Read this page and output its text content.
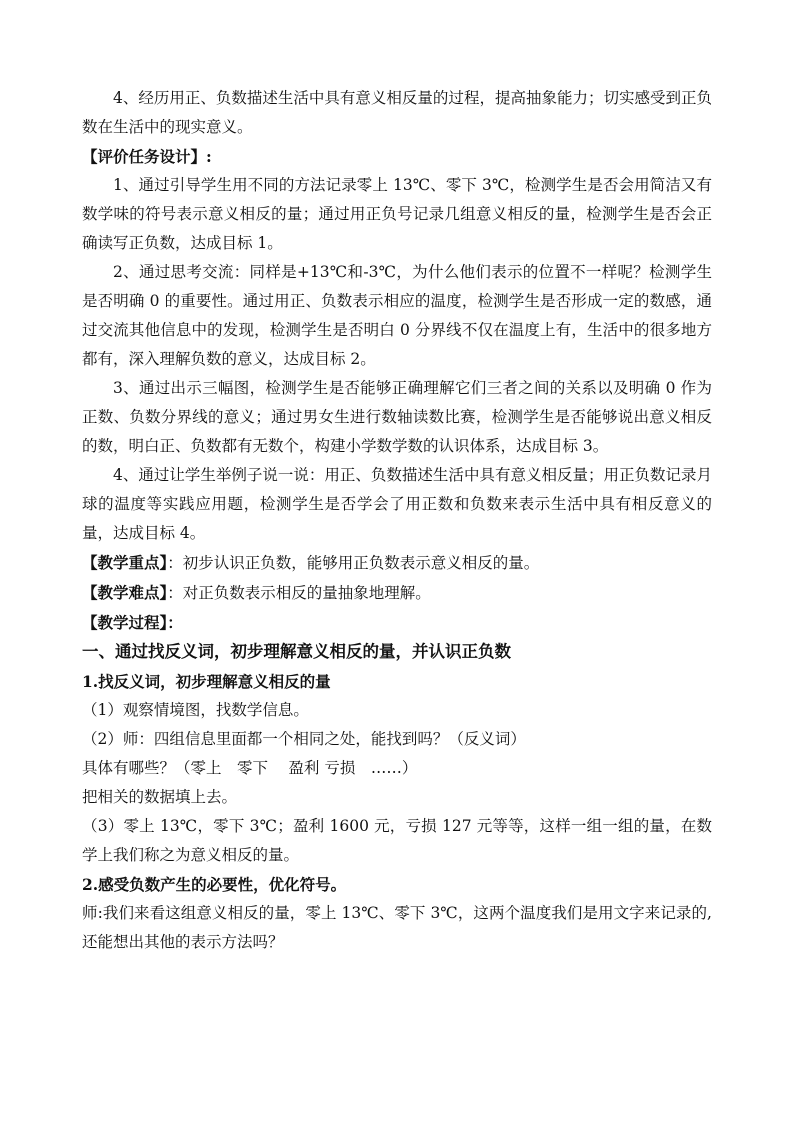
4、经历用正、负数描述生活中具有意义相反量的过程，提高抽象能力；切实感受到正负数在生活中的现实意义。

【评价任务设计】:

1、通过引导学生用不同的方法记录零上 13℃、零下 3℃，检测学生是否会用简洁又有数学味的符号表示意义相反的量；通过用正负号记录几组意义相反的量，检测学生是否会正确读写正负数，达成目标 1。

2、通过思考交流：同样是+13℃和-3℃，为什么他们表示的位置不一样呢？检测学生是否明确 0 的重要性。通过用正、负数表示相应的温度，检测学生是否形成一定的数感，通过交流其他信息中的发现，检测学生是否明白 0 分界线不仅在温度上有，生活中的很多地方都有，深入理解负数的意义，达成目标 2。

3、通过出示三幅图，检测学生是否能够正确理解它们三者之间的关系以及明确 0 作为正数、负数分界线的意义；通过男女生进行数轴读数比赛，检测学生是否能够说出意义相反的数，明白正、负数都有无数个，构建小学数学数的认识体系，达成目标 3。

4、通过让学生举例子说一说：用正、负数描述生活中具有意义相反量；用正负数记录月球的温度等实践应用题，检测学生是否学会了用正数和负数来表示生活中具有相反意义的量，达成目标 4。

【教学重点】：初步认识正负数，能够用正负数表示意义相反的量。

【教学难点】：对正负数表示相反的量抽象地理解。

【教学过程】：

一、通过找反义词，初步理解意义相反的量，并认识正负数

1.找反义词，初步理解意义相反的量

（1）观察情境图，找数学信息。

（2）师：四组信息里面都一个相同之处，能找到吗？（反义词）

具体有哪些？（零上　零下　 盈利 亏损　……）

把相关的数据填上去。

（3）零上 13℃，零下 3℃；盈利 1600 元，亏损 127 元等等，这样一组一组的量，在数学上我们称之为意义相反的量。

2.感受负数产生的必要性，优化符号。

师:我们来看这组意义相反的量，零上 13℃、零下 3℃，这两个温度我们是用文字来记录的,还能想出其他的表示方法吗？
